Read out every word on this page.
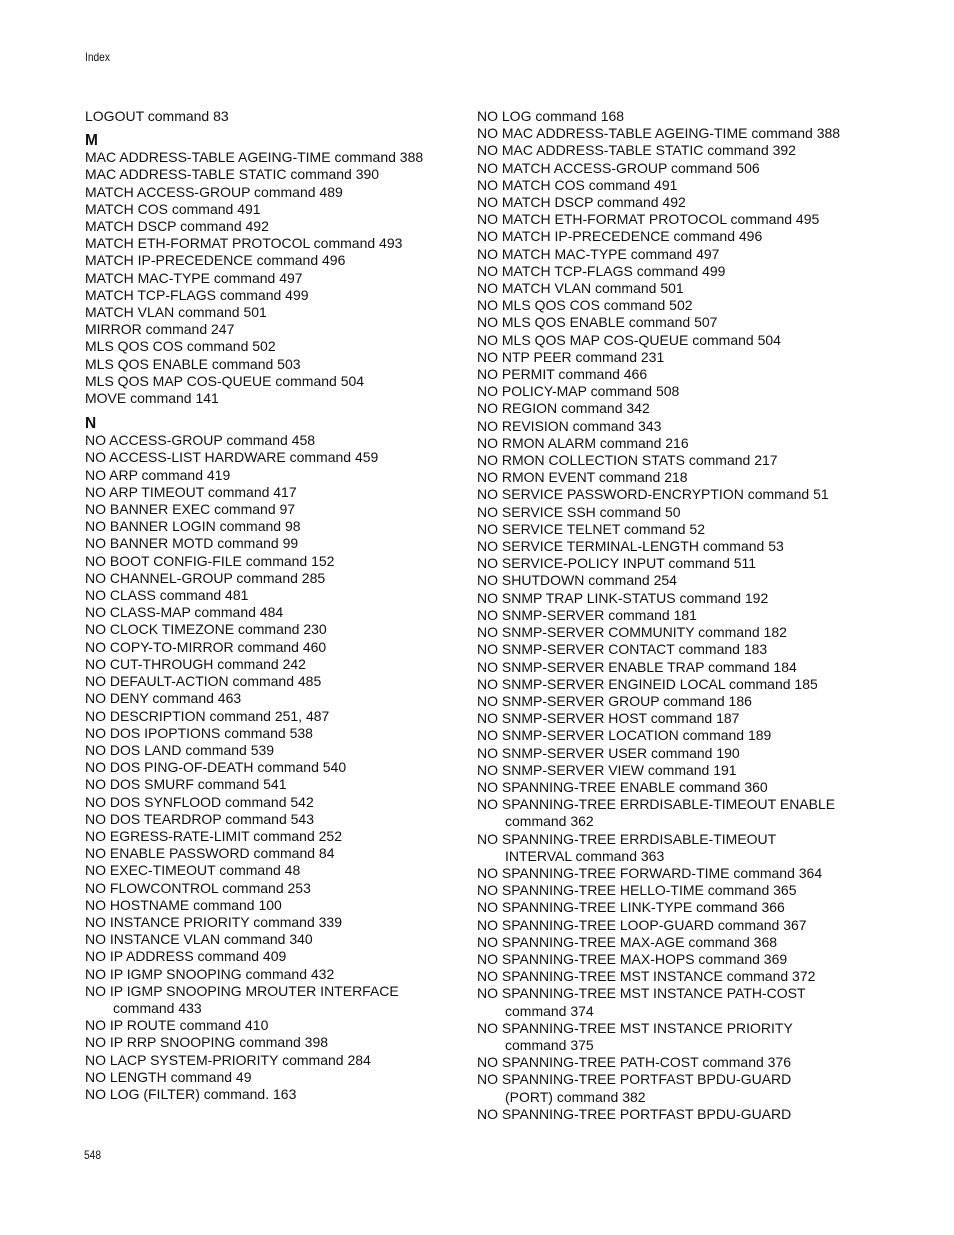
Index
LOGOUT command 83
M
MAC ADDRESS-TABLE AGEING-TIME command 388
MAC ADDRESS-TABLE STATIC command 390
MATCH ACCESS-GROUP command 489
MATCH COS command 491
MATCH DSCP command 492
MATCH ETH-FORMAT PROTOCOL command 493
MATCH IP-PRECEDENCE command 496
MATCH MAC-TYPE command 497
MATCH TCP-FLAGS command 499
MATCH VLAN command 501
MIRROR command 247
MLS QOS COS command 502
MLS QOS ENABLE command 503
MLS QOS MAP COS-QUEUE command 504
MOVE command 141
N
NO ACCESS-GROUP command 458
NO ACCESS-LIST HARDWARE command 459
NO ARP command 419
NO ARP TIMEOUT command 417
NO BANNER EXEC command 97
NO BANNER LOGIN command 98
NO BANNER MOTD command 99
NO BOOT CONFIG-FILE command 152
NO CHANNEL-GROUP command 285
NO CLASS command 481
NO CLASS-MAP command 484
NO CLOCK TIMEZONE command 230
NO COPY-TO-MIRROR command 460
NO CUT-THROUGH command 242
NO DEFAULT-ACTION command 485
NO DENY command 463
NO DESCRIPTION command 251, 487
NO DOS IPOPTIONS command 538
NO DOS LAND command 539
NO DOS PING-OF-DEATH command 540
NO DOS SMURF command 541
NO DOS SYNFLOOD command 542
NO DOS TEARDROP command 543
NO EGRESS-RATE-LIMIT command 252
NO ENABLE PASSWORD command 84
NO EXEC-TIMEOUT command 48
NO FLOWCONTROL command 253
NO HOSTNAME command 100
NO INSTANCE PRIORITY command 339
NO INSTANCE VLAN command 340
NO IP ADDRESS command 409
NO IP IGMP SNOOPING command 432
NO IP IGMP SNOOPING MROUTER INTERFACE
command 433
NO IP ROUTE command 410
NO IP RRP SNOOPING command 398
NO LACP SYSTEM-PRIORITY command 284
NO LENGTH command 49
NO LOG (FILTER) command. 163
NO LOG command 168
NO MAC ADDRESS-TABLE AGEING-TIME command 388
NO MAC ADDRESS-TABLE STATIC command 392
NO MATCH ACCESS-GROUP command 506
NO MATCH COS command 491
NO MATCH DSCP command 492
NO MATCH ETH-FORMAT PROTOCOL command 495
NO MATCH IP-PRECEDENCE command 496
NO MATCH MAC-TYPE command 497
NO MATCH TCP-FLAGS command 499
NO MATCH VLAN command 501
NO MLS QOS COS command 502
NO MLS QOS ENABLE command 507
NO MLS QOS MAP COS-QUEUE command 504
NO NTP PEER command 231
NO PERMIT command 466
NO POLICY-MAP command 508
NO REGION command 342
NO REVISION command 343
NO RMON ALARM command 216
NO RMON COLLECTION STATS command 217
NO RMON EVENT command 218
NO SERVICE PASSWORD-ENCRYPTION command 51
NO SERVICE SSH command 50
NO SERVICE TELNET command 52
NO SERVICE TERMINAL-LENGTH command 53
NO SERVICE-POLICY INPUT command 511
NO SHUTDOWN command 254
NO SNMP TRAP LINK-STATUS command 192
NO SNMP-SERVER command 181
NO SNMP-SERVER COMMUNITY command 182
NO SNMP-SERVER CONTACT command 183
NO SNMP-SERVER ENABLE TRAP command 184
NO SNMP-SERVER ENGINEID LOCAL command 185
NO SNMP-SERVER GROUP command 186
NO SNMP-SERVER HOST command 187
NO SNMP-SERVER LOCATION command 189
NO SNMP-SERVER USER command 190
NO SNMP-SERVER VIEW command 191
NO SPANNING-TREE ENABLE command 360
NO SPANNING-TREE ERRDISABLE-TIMEOUT ENABLE
command 362
NO SPANNING-TREE ERRDISABLE-TIMEOUT
INTERVAL command 363
NO SPANNING-TREE FORWARD-TIME command 364
NO SPANNING-TREE HELLO-TIME command 365
NO SPANNING-TREE LINK-TYPE command 366
NO SPANNING-TREE LOOP-GUARD command 367
NO SPANNING-TREE MAX-AGE command 368
NO SPANNING-TREE MAX-HOPS command 369
NO SPANNING-TREE MST INSTANCE command 372
NO SPANNING-TREE MST INSTANCE PATH-COST
command 374
NO SPANNING-TREE MST INSTANCE PRIORITY
command 375
NO SPANNING-TREE PATH-COST command 376
NO SPANNING-TREE PORTFAST BPDU-GUARD
(PORT) command 382
NO SPANNING-TREE PORTFAST BPDU-GUARD
548
